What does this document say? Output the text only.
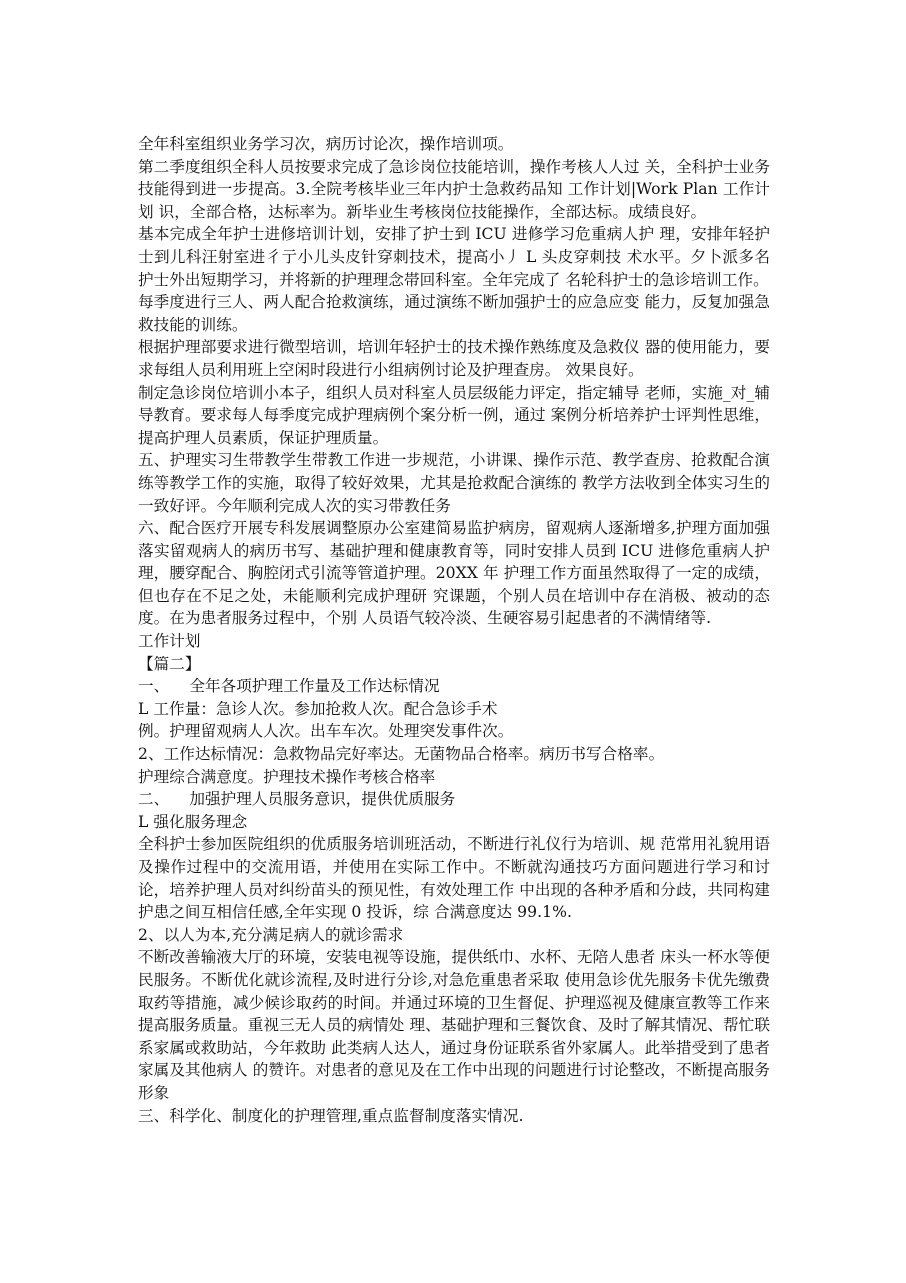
全年科室组织业务学习次，病历讨论次，操作培训项。

第二季度组织全科人员按要求完成了急诊岗位技能培训，操作考核人人过 关，全科护士业务技能得到进一步提高。3.全院考核毕业三年内护士急救药品知 工作计划|Work Plan 工作计划 识，全部合格，达标率为。新毕业生考核岗位技能操作，全部达标。成绩良好。

基本完成全年护士进修培训计划，安排了护士到 ICU 进修学习危重病人护 理，安排年轻护士到儿科汪射室进彳亍小儿头皮针穿刺技术，提高小丿 L 头皮穿刺技 术水平。夕卜派多名护士外出短期学习，并将新的护理理念帯回科室。全年完成了 名轮科护士的急诊培训工作。

每季度进行三人、两人配合抢救演练，通过演练不断加强护士的应急应变 能力，反复加强急救技能的训练。

根据护理部要求进行微型培训，培训年轻护士的技术操作熟练度及急救仪 器的使用能力，要求每组人员利用班上空闲时段进行小组病例讨论及护理查房。 效果良好。

制定急诊岗位培训小本子，组织人员对科室人员层级能力评定，指定辅导 老师，实施_对_辅导教育。要求每人每季度完成护理病例个案分析一例，通过 案例分析培养护士评判性思维，提高护理人员素质，保证护理质量。

五、护理实习生带教学生带教工作进一步规范，小讲课、操作示范、教学查房、抢救配合演练等教学工作的实施，取得了较好效果，尤其是抢救配合演练的 教学方法收到全体实习生的一致好评。今年顺利完成人次的实习带教任务

六、配合医疗开展专科发展调整原办公室建简易监护病房，留观病人逐渐增多,护理方面加强落实留观病人的病历书写、基础护理和健康教育等，同时安排人员到 ICU 进修危重病人护理，腰穿配合、胸腔闭式引流等管道护理。20XX 年 护理工作方面虽然取得了一定的成绩，但也存在不足之处，未能顺利完成护理研 究课题，个别人员在培训中存在消极、被动的态度。在为患者服务过程中，个别 人员语气较冷淡、生硬容易引起患者的不满情绪等.

工作计划

【篇二】

一、    全年各项护理工作量及工作达标情况

L 工作量：急诊人次。参加抢救人次。配合急诊手术

例。护理留观病人人次。出车车次。处理突发事件次。

2、工作达标情况：急救物品完好率达。无菌物品合格率。病历书写合格率。

护理综合满意度。护理技术操作考核合格率

二、    加强护理人员服务意识，提供优质服务

L 强化服务理念

全科护士参加医院组织的优质服务培训班活动，不断进行礼仪行为培训、规 范常用礼貌用语及操作过程中的交流用语，并使用在实际工作中。不断就沟通技巧方面问题进行学习和讨论，培养护理人员对纠纷苗头的预见性，有效处理工作 中出现的各种矛盾和分歧，共同构建护患之间互相信任感,全年实现 0 投诉，综 合满意度达 99.1%.

2、以人为本,充分满足病人的就诊需求

不断改善输液大厅的环境，安装电视等设施，提供纸巾、水杯、无陪人患者 床头一杯水等便民服务。不断优化就诊流程,及时进行分诊,对急危重患者采取 使用急诊优先服务卡优先缴费取药等措施，减少候诊取药的时间。并通过环境的卫生督促、护理巡视及健康宣教等工作来提高服务质量。重视三无人员的病情处 理、基础护理和三餐饮食、及时了解其情况、帮忙联系家属或救助站，今年救助 此类病人达人，通过身份证联系省外家属人。此举措受到了患者家属及其他病人 的赞许。对患者的意见及在工作中出现的问题进行讨论整改，不断提高服务形象

三、科学化、制度化的护理管理,重点监督制度落实情况.
